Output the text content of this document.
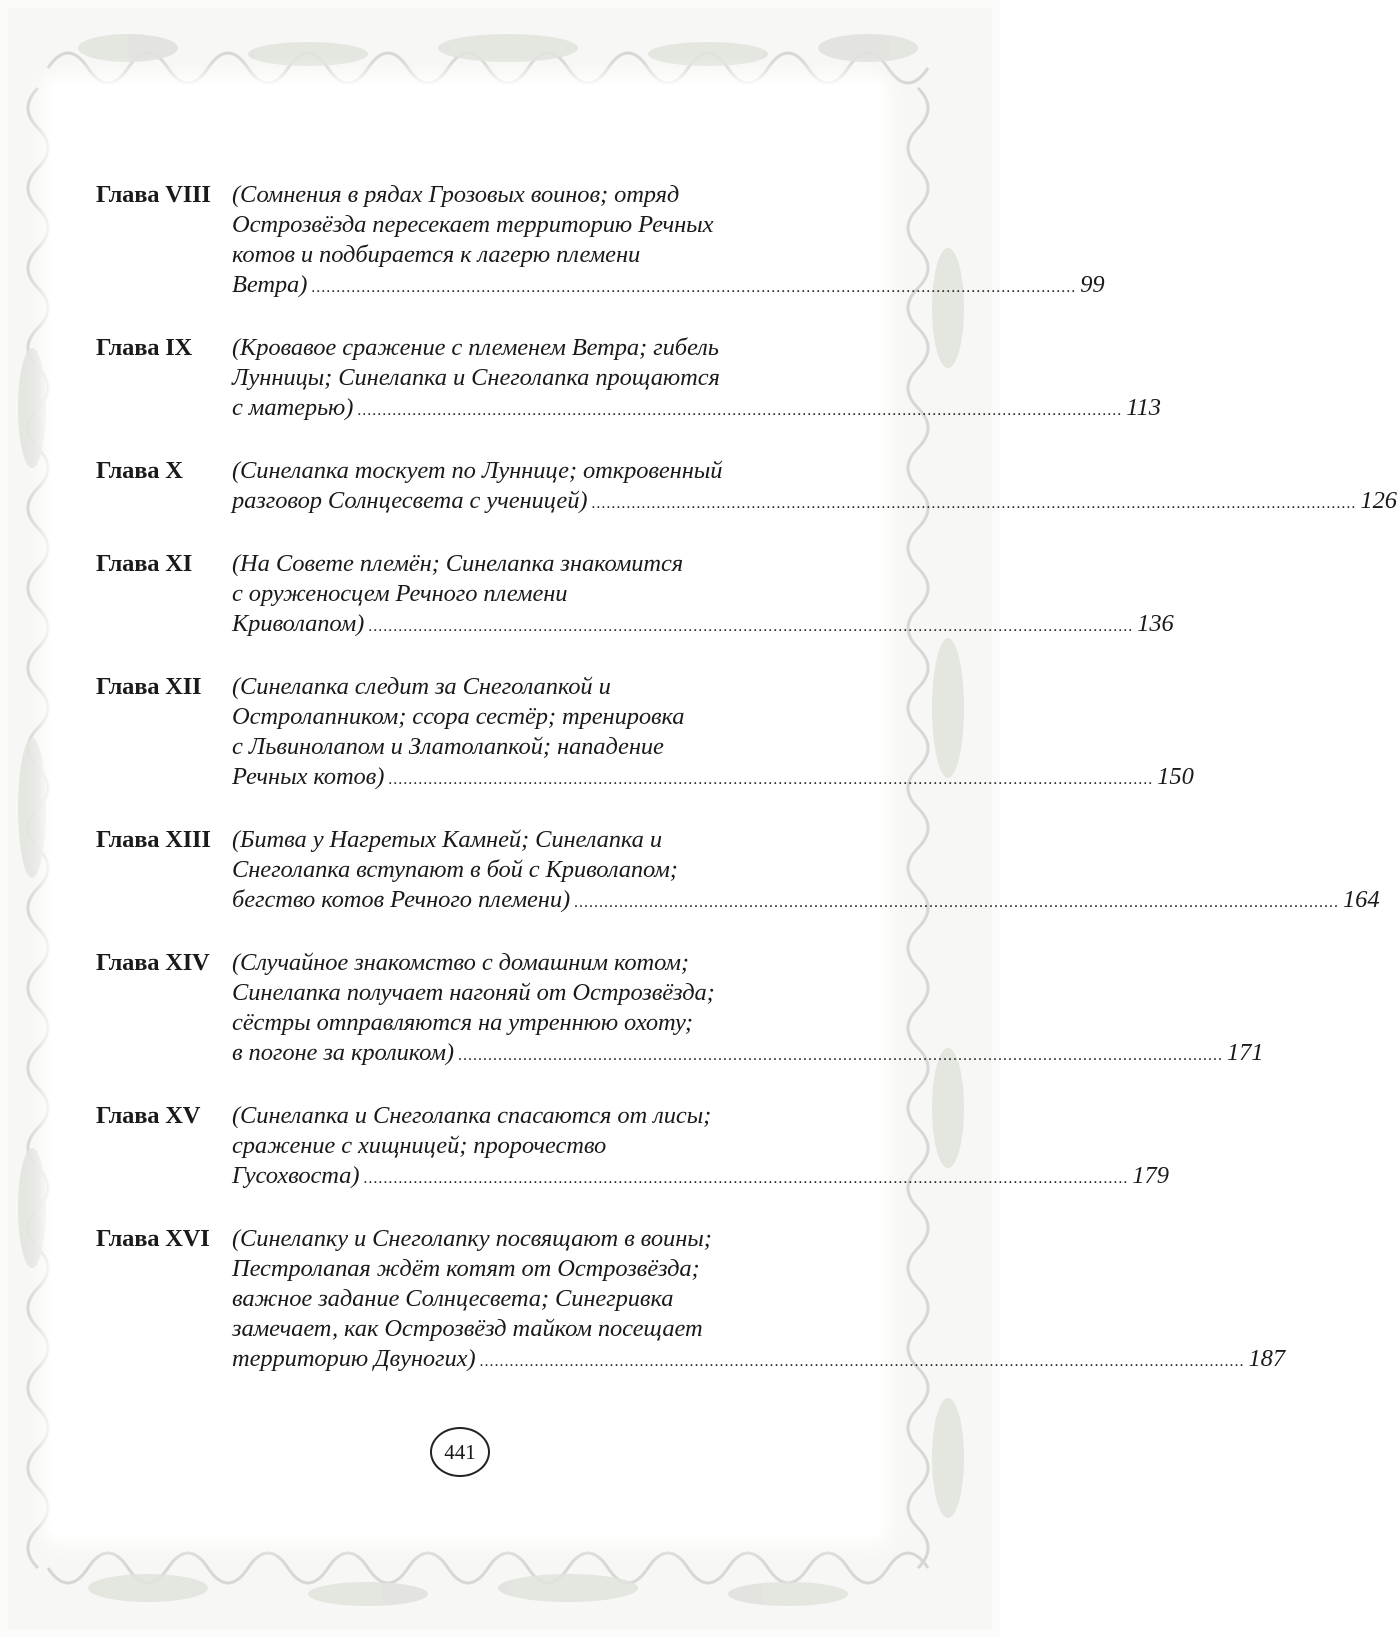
Глава VIII (Сомнения в рядах Грозовых воинов; отряд
Острозвёзда пересекает территорию Речных
котов и подбирается к лагерю племени
Ветра) .....	99
Глава IX	(Кровавое сражение с племенем Ветра; гибель
Лунницы; Синелапка и Снеголапка прощаются
с матерью) .....	113
Глава X	(Синелапка тоскует по Луннице; откровенный
разговор Солнцесвета с ученицей) .....	126
Глава XI	(На Совете племён; Синелапка знакомится
с оруженосцем Речного племени
Криволапом) .....	136
Глава XII	(Синелапка следит за Снеголапкой и
Остролапником; ссора сестёр; тренировка
с Львинолапом и Златолапкой; нападение
Речных котов) .....	150
Глава XIII (Битва у Нагретых Камней; Синелапка и
Снеголапка вступают в бой с Криволапом;
бегство котов Речного племени) .....	164
Глава XIV (Случайное знакомство с домашним котом;
Синелапка получает нагоняй от Острозвёзда;
сёстры отправляются на утреннюю охоту;
в погоне за кроликом) .....	171
Глава XV	(Синелапка и Снеголапка спасаются от лисы;
сражение с хищницей; пророчество
Гусохвоста) .....	179
Глава XVI (Синелапку и Снеголапку посвящают в воины;
Пестролапая ждёт котят от Острозвёзда;
важное задание Солнцесвета; Синегривка
замечает, как Острозвёзд тайком посещает
территорию Двуногих) .....	187
441
